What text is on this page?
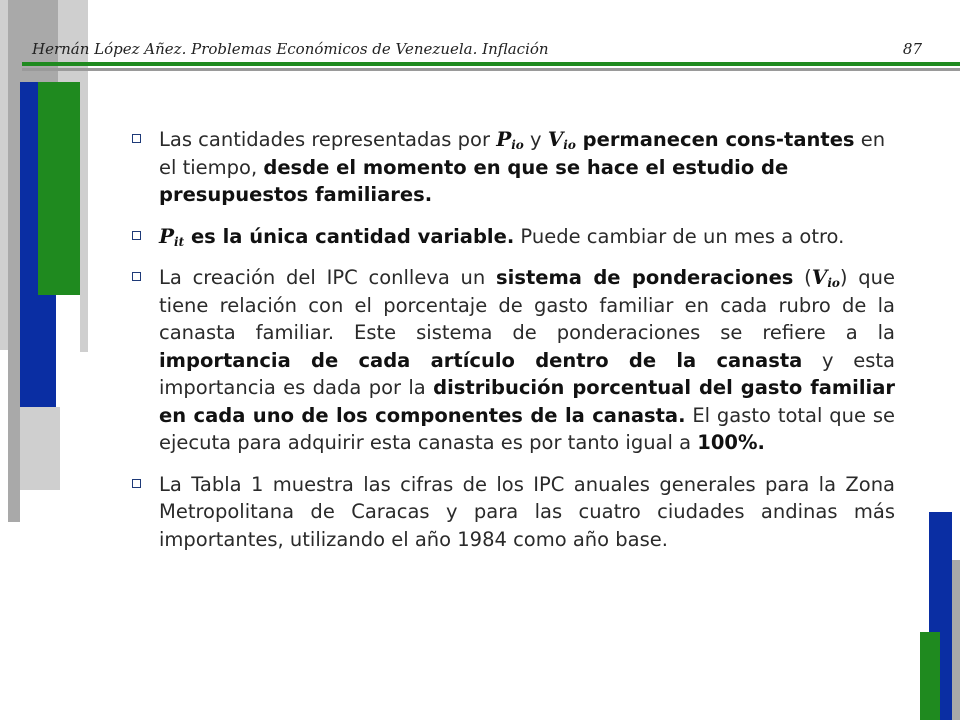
Hernán López Añez. Problemas Económicos de Venezuela. Inflación	87
Las cantidades representadas por $P_{io}$ y $V_{io}$ permanecen cons-tantes en el tiempo, desde el momento en que se hace el estudio de presupuestos familiares.
$P_{it}$ es la única cantidad variable. Puede cambiar de un mes a otro.
La creación del IPC conlleva un sistema de ponderaciones $(V_{io})$ que tiene relación con el porcentaje de gasto familiar en cada rubro de la canasta familiar. Este sistema de ponderaciones se refiere a la importancia de cada artículo dentro de la canasta y esta importancia es dada por la distribución porcentual del gasto familiar en cada uno de los componentes de la canasta. El gasto total que se ejecuta para adquirir esta canasta es por tanto igual a 100%.
La Tabla 1 muestra las cifras de los IPC anuales generales para la Zona Metropolitana de Caracas y para las cuatro ciudades andinas más importantes, utilizando el año 1984 como año base.
